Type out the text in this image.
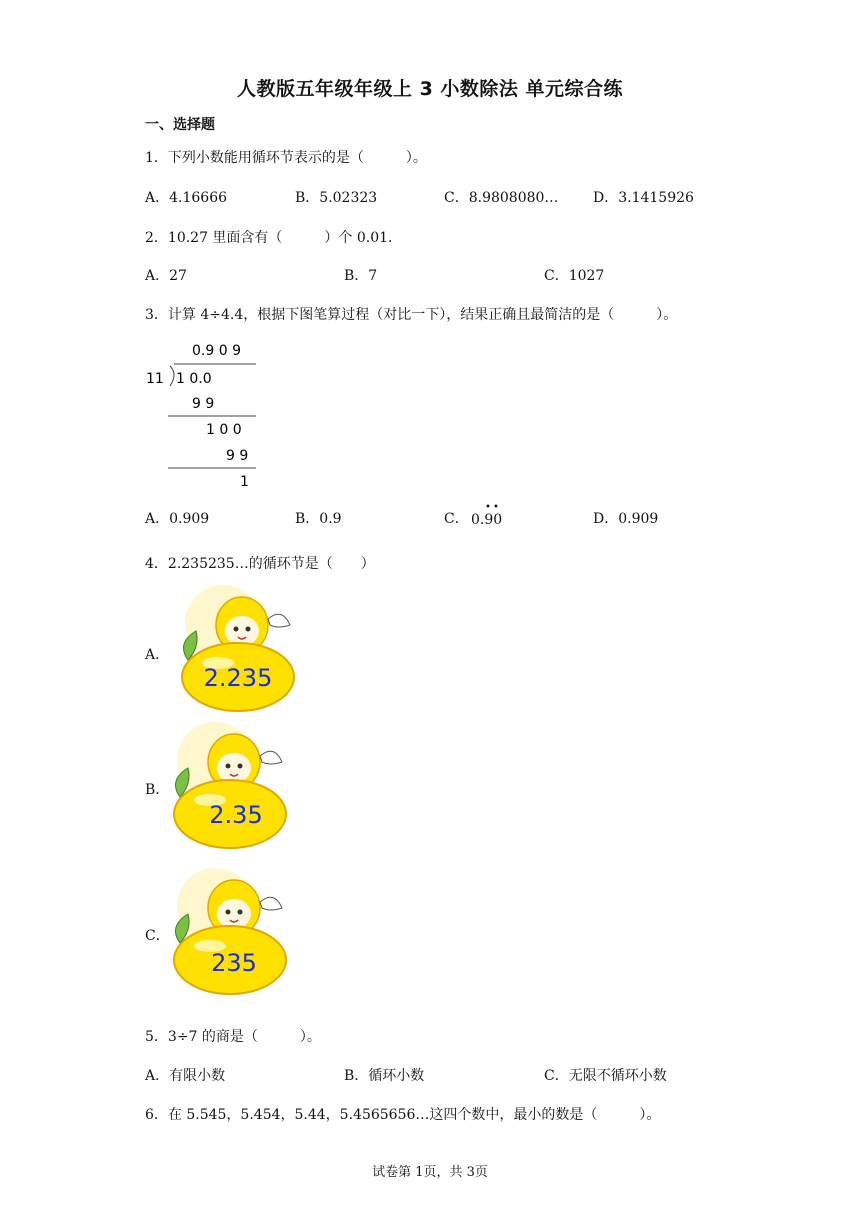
人教版五年级年级上 3 小数除法 单元综合练
一、选择题
1．下列小数能用循环节表示的是（　　　）。
A．4.16666	B．5.02323	C．8.9808080… D．3.1415926
2．10.27 里面含有（　　　）个 0.01．
A．27	B．7	C．1027
3．计算 4÷4.4，根据下图笔算过程（对比一下），结果正确且最简洁的是（　　　）。
0.9 0 9
11 1 0.0
9 9
1 0 0
9 9
1
A．0.909	B．0.9	C． 0.90
• •
D．0.909
4．2.235235…的循环节是（　　）
A．
B．
C．
2.235
2.35
235
5．3÷7 的商是（　　　）。
A．有限小数	B．循环小数	C．无限不循环小数
6．在 5.545，5.454，5.44，5.4565656…这四个数中，最小的数是（　　　）。
试卷第 1页，共 3页
